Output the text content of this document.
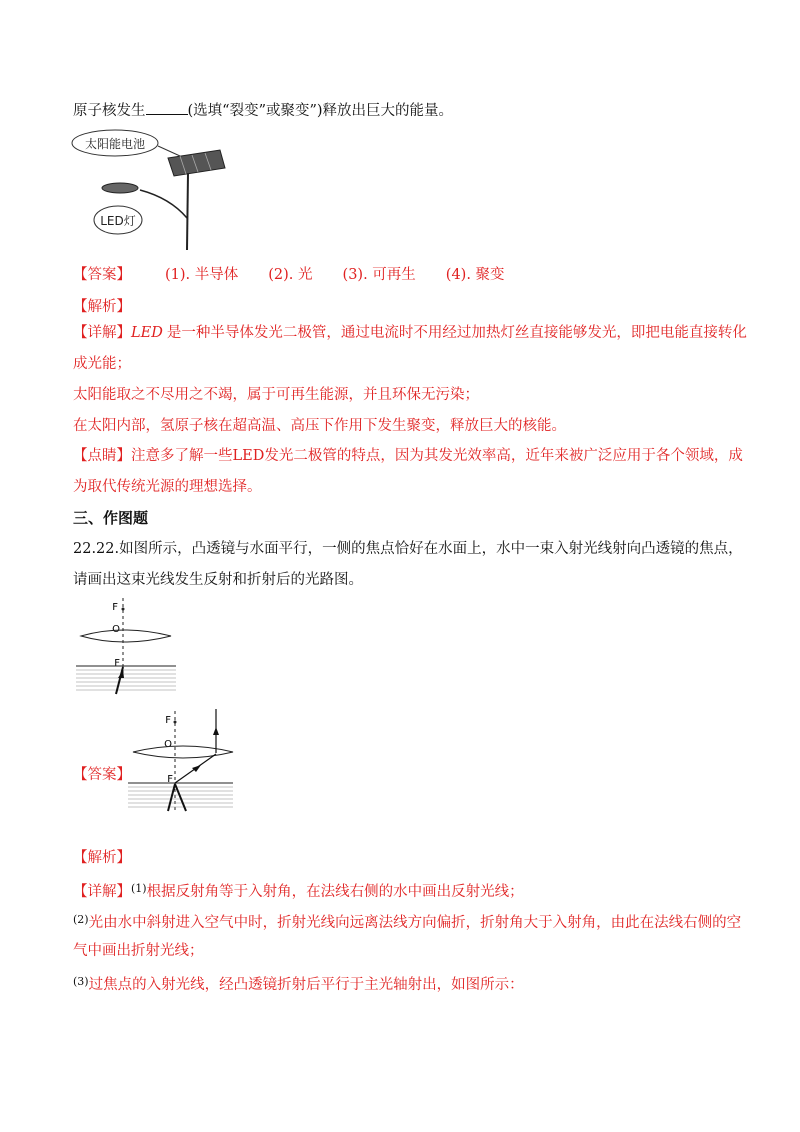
原子核发生	(选填“裂变”或聚变”)释放出巨大的能量。
太阳能电池
LED灯
【答案】 (1). 半导体 (2). 光 (3). 可再生 (4). 聚变
【解析】
【详解】LED 是一种半导体发光二极管，通过电流时不用经过加热灯丝直接能够发光，即把电能直接转化
成光能；
太阳能取之不尽用之不竭，属于可再生能源，并且环保无污染；
在太阳内部，氢原子核在超高温、高压下作用下发生聚变，释放巨大的核能。
【点睛】注意多了解一些LED发光二极管的特点，因为其发光效率高，近年来被广泛应用于各个领域，成
为取代传统光源的理想选择。
三、作图题
22.22.如图所示，凸透镜与水面平行，一侧的焦点恰好在水面上，水中一束入射光线射向凸透镜的焦点，
请画出这束光线发生反射和折射后的光路图。
F
O
F
【答案】
F
O
F
【解析】
【详解】$^{(1)}$根据反射角等于入射角，在法线右侧的水中画出反射光线；
$^{(2)}$光由水中斜射进入空气中时，折射光线向远离法线方向偏折，折射角大于入射角，由此在法线右侧的空
气中画出折射光线；
$^{(3)}$过焦点的入射光线，经凸透镜折射后平行于主光轴射出，如图所示：
